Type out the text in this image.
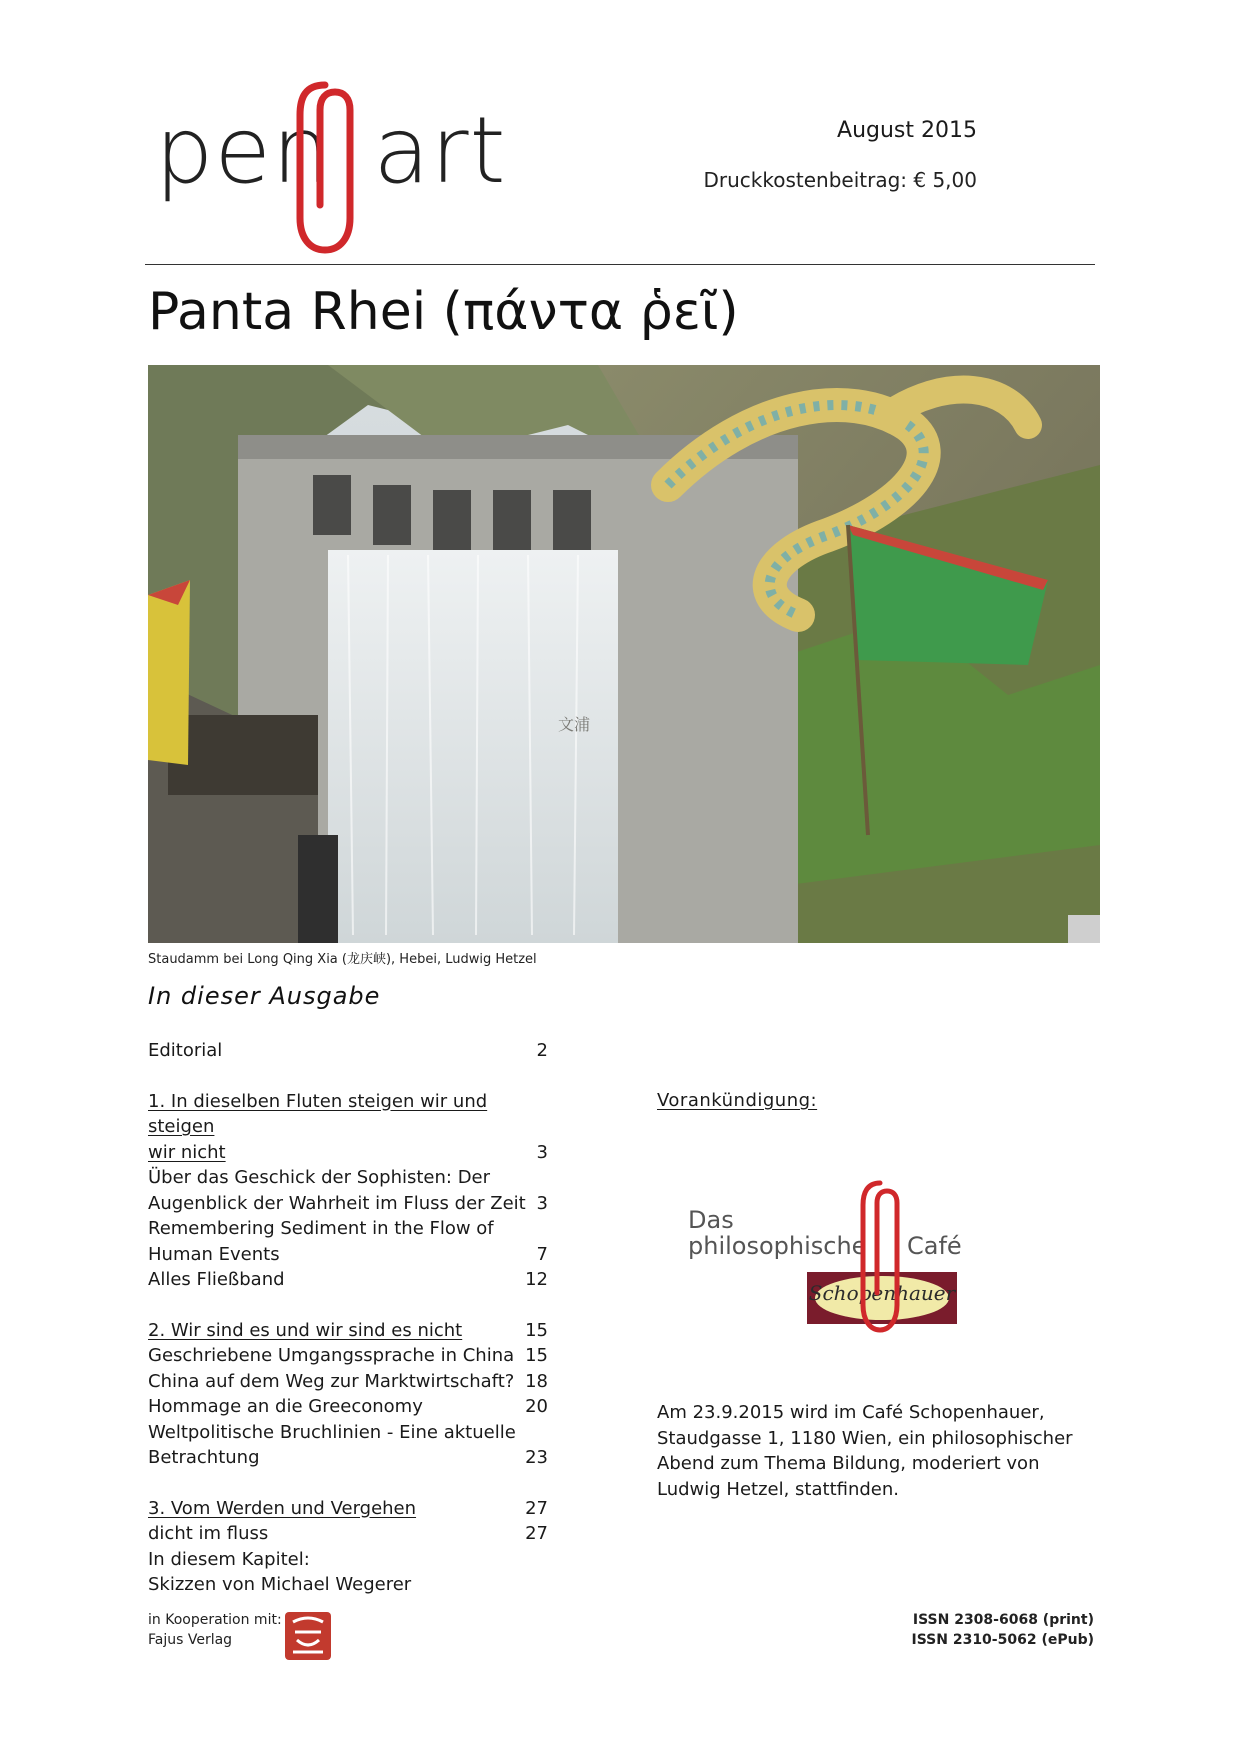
pen art	August 2015
Druckkostenbeitrag: € 5,00
Panta Rhei (πάντα ῥεῖ)
文浦
Staudamm bei Long Qing Xia (龙庆峡), Hebei, Ludwig Hetzel
In dieser Ausgabe
Editorial	2
1. In dieselben Fluten steigen wir und steigen
wir nicht	3
Über das Geschick der Sophisten: Der
Augenblick der Wahrheit im Fluss der Zeit 3
Remembering Sediment in the Flow of
Human Events	7
Alles Fließband	12
2. Wir sind es und wir sind es nicht	15
Geschriebene Umgangssprache in China 15
China auf dem Weg zur Marktwirtschaft? 18
Hommage an die Greeconomy	20
Weltpolitische Bruchlinien - Eine aktuelle
Betrachtung	23
3. Vom Werden und Vergehen	27
dicht im fluss	27
In diesem Kapitel:
Skizzen von Michael Wegerer
Vorankündigung:
Das
philosophische Café
Schopenhauer
Am 23.9.2015 wird im Café Schopenhauer, Staudgasse 1, 1180 Wien, ein philosophischer Abend zum Thema Bildung, moderiert von Ludwig Hetzel, stattfinden.
in Kooperation mit:
Fajus Verlag
ISSN 2308-6068 (print)
ISSN 2310-5062 (ePub)
